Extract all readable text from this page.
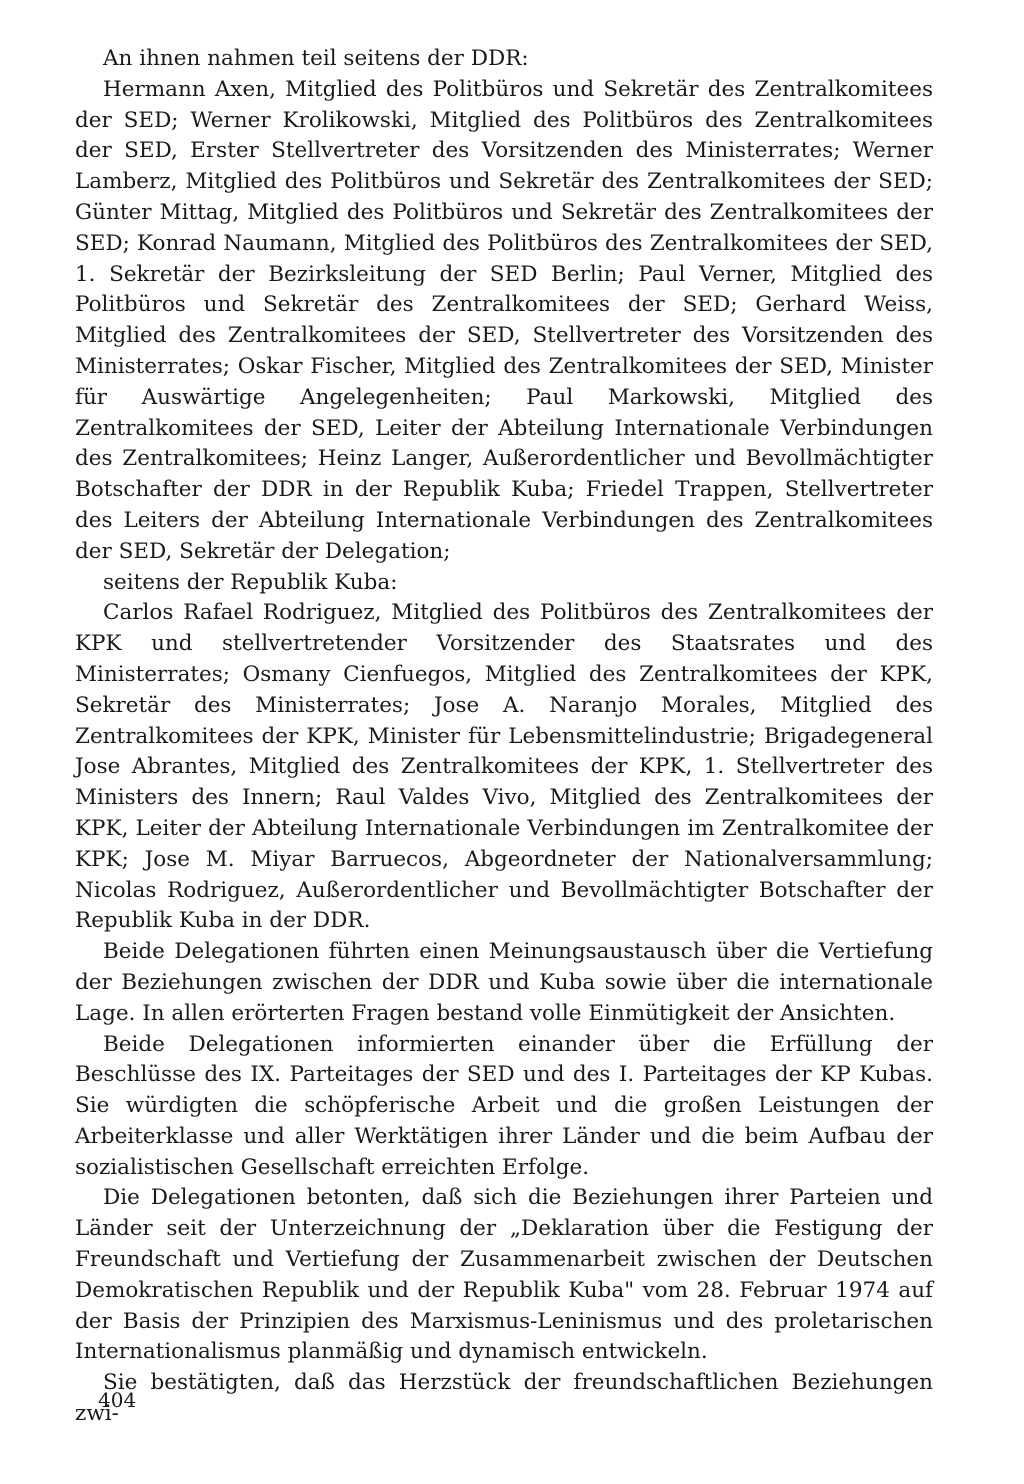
An ihnen nahmen teil seitens der DDR:

Hermann Axen, Mitglied des Politbüros und Sekretär des Zentralkomitees der SED; Werner Krolikowski, Mitglied des Politbüros des Zentralkomitees der SED, Erster Stellvertreter des Vorsitzenden des Ministerrates; Werner Lamberz, Mitglied des Politbüros und Sekretär des Zentralkomitees der SED; Günter Mittag, Mitglied des Politbüros und Sekretär des Zentralkomitees der SED; Konrad Naumann, Mitglied des Politbüros des Zentralkomitees der SED, 1. Sekretär der Bezirksleitung der SED Berlin; Paul Verner, Mitglied des Politbüros und Sekretär des Zentralkomitees der SED; Gerhard Weiss, Mitglied des Zentralkomitees der SED, Stellvertreter des Vorsitzenden des Ministerrates; Oskar Fischer, Mitglied des Zentralkomitees der SED, Minister für Auswärtige Angelegenheiten; Paul Markowski, Mitglied des Zentralkomitees der SED, Leiter der Abteilung Internationale Verbindungen des Zentralkomitees; Heinz Langer, Außerordentlicher und Bevollmächtigter Botschafter der DDR in der Republik Kuba; Friedel Trappen, Stellvertreter des Leiters der Abteilung Internationale Verbindungen des Zentralkomitees der SED, Sekretär der Delegation;

seitens der Republik Kuba:

Carlos Rafael Rodriguez, Mitglied des Politbüros des Zentralkomitees der KPK und stellvertretender Vorsitzender des Staatsrates und des Ministerrates; Osmany Cienfuegos, Mitglied des Zentralkomitees der KPK, Sekretär des Ministerrates; Jose A. Naranjo Morales, Mitglied des Zentralkomitees der KPK, Minister für Lebensmittelindustrie; Brigadegeneral Jose Abrantes, Mitglied des Zentralkomitees der KPK, 1. Stellvertreter des Ministers des Innern; Raul Valdes Vivo, Mitglied des Zentralkomitees der KPK, Leiter der Abteilung Internationale Verbindungen im Zentralkomitee der KPK; Jose M. Miyar Barruecos, Abgeordneter der Nationalversammlung; Nicolas Rodriguez, Außerordentlicher und Bevollmächtigter Botschafter der Republik Kuba in der DDR.

Beide Delegationen führten einen Meinungsaustausch über die Vertiefung der Beziehungen zwischen der DDR und Kuba sowie über die internationale Lage. In allen erörterten Fragen bestand volle Einmütigkeit der Ansichten.

Beide Delegationen informierten einander über die Erfüllung der Beschlüsse des IX. Parteitages der SED und des I. Parteitages der KP Kubas. Sie würdigten die schöpferische Arbeit und die großen Leistungen der Arbeiterklasse und aller Werktätigen ihrer Länder und die beim Aufbau der sozialistischen Gesellschaft erreichten Erfolge.

Die Delegationen betonten, daß sich die Beziehungen ihrer Parteien und Länder seit der Unterzeichnung der „Deklaration über die Festigung der Freundschaft und Vertiefung der Zusammenarbeit zwischen der Deutschen Demokratischen Republik und der Republik Kuba" vom 28. Februar 1974 auf der Basis der Prinzipien des Marxismus-Leninismus und des proletarischen Internationalismus planmäßig und dynamisch entwickeln.

Sie bestätigten, daß das Herzstück der freundschaftlichen Beziehungen zwi-

404
